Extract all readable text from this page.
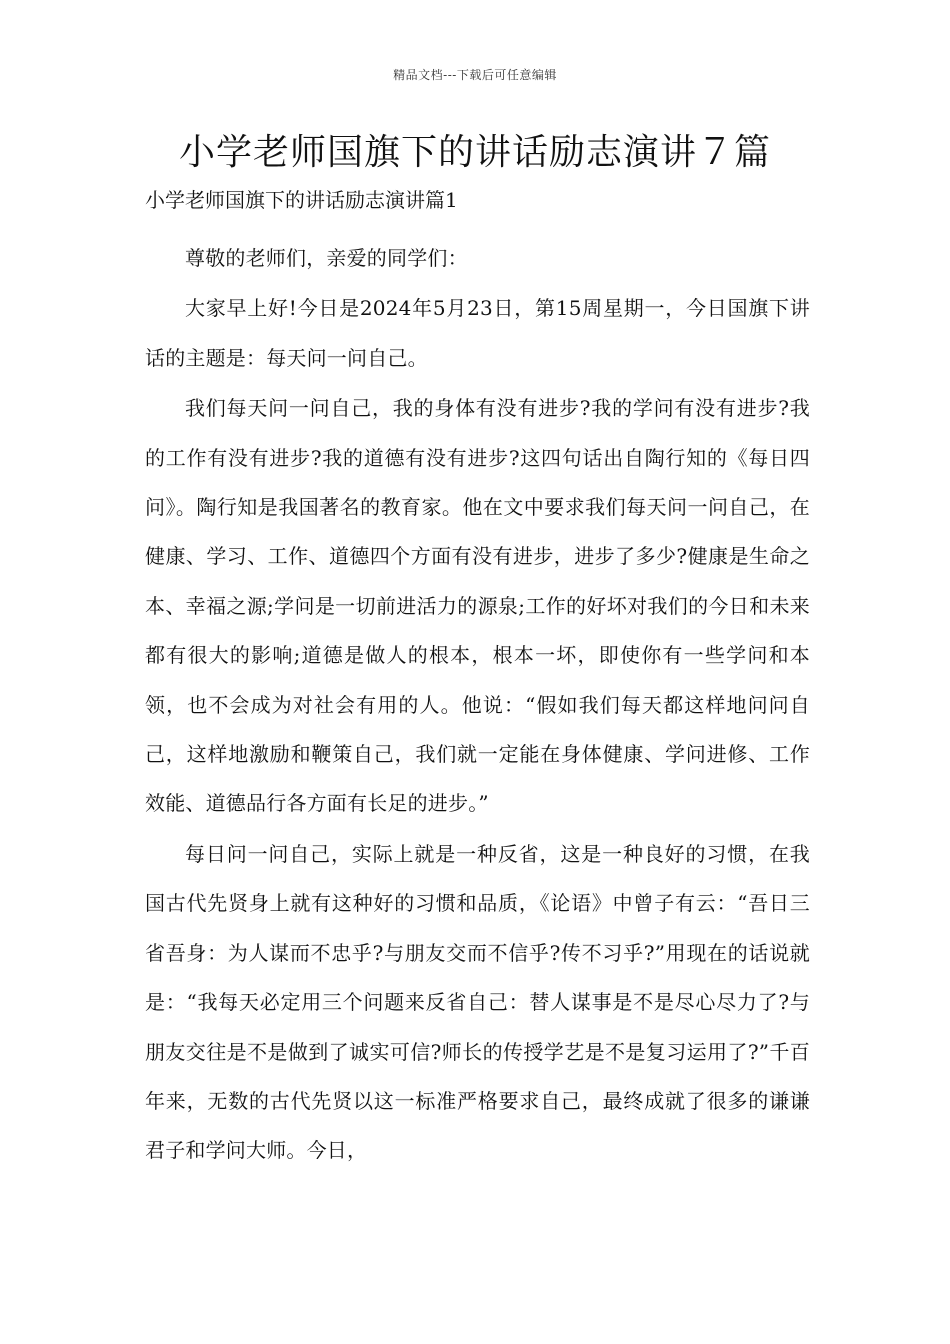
精品文档---下载后可任意编辑
小学老师国旗下的讲话励志演讲７篇
小学老师国旗下的讲话励志演讲篇1

尊敬的老师们，亲爱的同学们：

大家早上好!今日是2024年5月23日，第15周星期一，今日国旗下讲话的主题是：每天问一问自己。

我们每天问一问自己，我的身体有没有进步?我的学问有没有进步?我的工作有没有进步?我的道德有没有进步?这四句话出自陶行知的《每日四问》。陶行知是我国著名的教育家。他在文中要求我们每天问一问自己，在健康、学习、工作、道德四个方面有没有进步，进步了多少?健康是生命之本、幸福之源;学问是一切前进活力的源泉;工作的好坏对我们的今日和未来都有很大的影响;道德是做人的根本，根本一坏，即使你有一些学问和本领，也不会成为对社会有用的人。他说：“假如我们每天都这样地问问自己，这样地激励和鞭策自己，我们就一定能在身体健康、学问进修、工作效能、道德品行各方面有长足的进步。”

每日问一问自己，实际上就是一种反省，这是一种良好的习惯，在我国古代先贤身上就有这种好的习惯和品质，《论语》中曾子有云：“吾日三省吾身：为人谋而不忠乎?与朋友交而不信乎?传不习乎?”用现在的话说就是：“我每天必定用三个问题来反省自己：替人谋事是不是尽心尽力了?与朋友交往是不是做到了诚实可信?师长的传授学艺是不是复习运用了?”千百年来，无数的古代先贤以这一标准严格要求自己，最终成就了很多的谦谦君子和学问大师。今日，
